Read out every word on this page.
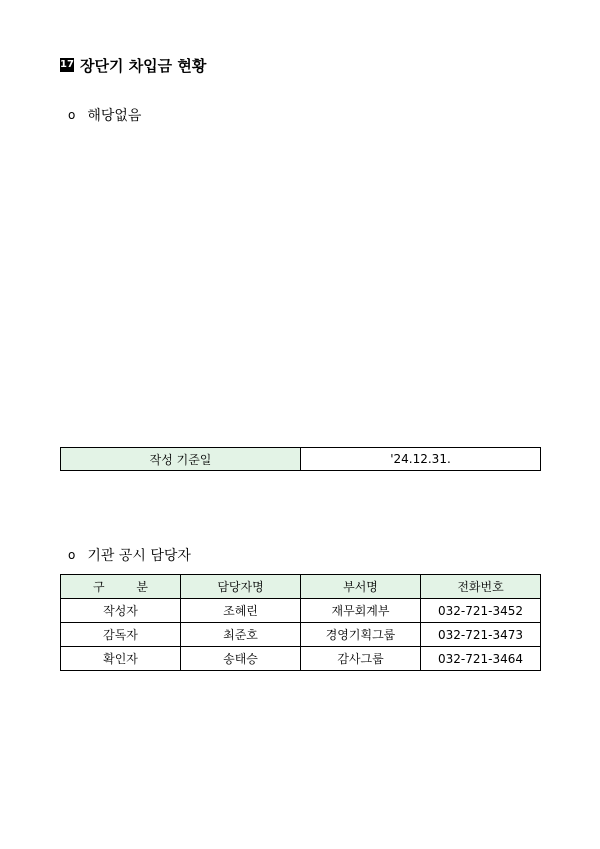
17 장단기 차입금 현황
o 해당없음
작성 기준일	'24.12.31.
o 기관 공시 담당자
구 분	담당자명	부서명	전화번호
작성자	조혜린	재무회계부	032-721-3452
감독자	최준호	경영기획그룹	032-721-3473
확인자	송태승	감사그룹	032-721-3464
